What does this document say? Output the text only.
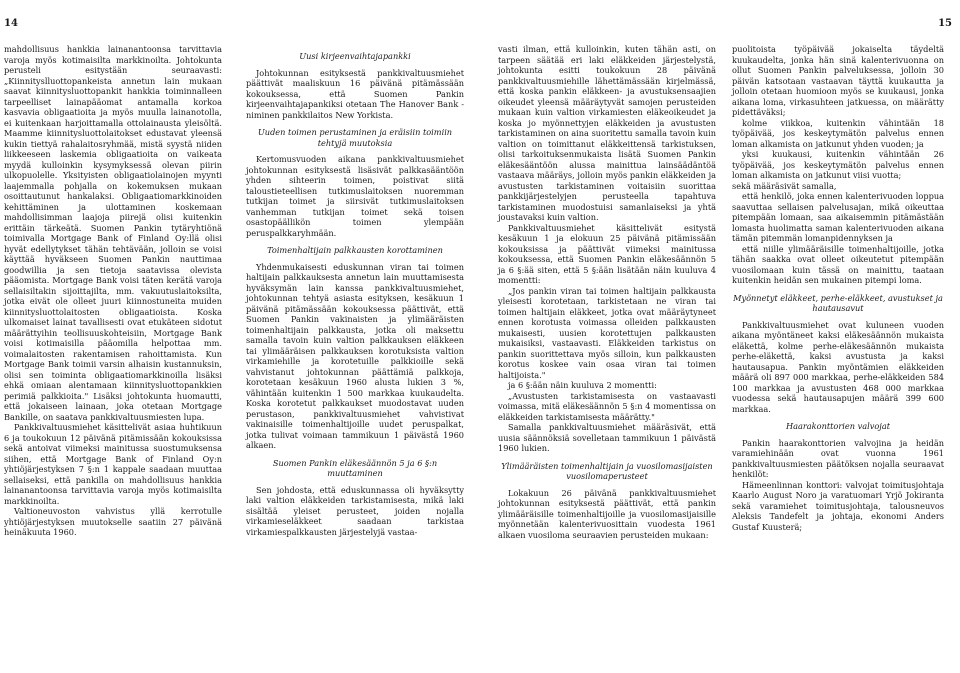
14

mahdollisuus hankkia lainanantoonsa tarvittavia varoja myös kotimaisilta markkinoilta. Johtokunta perusteli esitystään seuraavasti: „Kiinnityslluottopankeista annetun lain mukaan saavat kiinnitysluottopankit hankkia toiminnalleen tarpeelliset lainapääomat antamalla korkoa kasvavia obligaatioita ja myös muulla lainanotolla, ei kuitenkaan harjoittamalla ottolainausta yleisöltä. Maamme kiinnitysluottolaitokset edustavat yleensä kukin tiettyä rahalaitosryhmää, mistä syystä niiden liikkeeseen laskemia obligaatioita on vaikeata myydä kulloinkin kysymyksessä olevan piirin ulkopuolelle. Yksityisten obligaatiolainojen myynti laajemmalla pohjalla on kokemuksen mukaan osoittautunut hankalaksi. Obligaatiomarkkinoiden kehittäminen ja ulottaminen koskemaan mahdollisimman laajoja piirejä olisi kuitenkin erittäin tärkeätä. Suomen Pankin tytäryhtiönä toimivalla Mortgage Bank of Finland Oy:llä olisi hyvät edellytykset tähän tehtävään, jolloin se voisi käyttää hyväkseen Suomen Pankin nauttimaa goodwillia ja sen tietoja saatavissa olevista pääomista. Mortgage Bank voisi täten kerätä varoja sellaisiltakin sijoittajilta, mm. vakuutuslaitoksilta, jotka eivät ole olleet juuri kiinnostuneita muiden kiinnitysluottolaitosten obligaatioista. Koska ulkomaiset lainat tavallisesti ovat etukäteen sidotut määrättyihin teollisuuskohteisiin, Mortgage Bank voisi kotimaisilla pääomilla helpottaa mm. voimalaitosten rakentamisen rahoittamista. Kun Mortgage Bank toimii varsin alhaisin kustannuksin, olisi sen toiminta obligaatiomarkkinoilla lisäksi ehkä omiaan alentamaan kiinnitysluottopankkien perimiä palkkioita." Lisäksi johtokunta huomautti, että jokaiseen lainaan, joka otetaan Mortgage Bankille, on saatava pankkivaltuusmiesten lupa.

Pankkivaltuusmiehet käsittelivät asiaa huhtikuun 6 ja toukokuun 12 päivänä pitämissään kokouksissa sekä antoivat viimeksi mainitussa suostumuksensa siihen, että Mortgage Bank of Finland Oy:n yhtiöjärjestyksen 7 §:n 1 kappale saadaan muuttaa sellaiseksi, että pankilla on mahdollisuus hankkia lainanantoonsa tarvittavia varoja myös kotimaisilta markkinoilta.

Valtioneuvoston vahvistus yllä kerrotulle yhtiöjärjestyksen muutokselle saatiin 27 päivänä heinäkuuta 1960.

Uusi kirjeenvaihtajapankki

Johtokunnan esityksestä pankkivaltuusmiehet päättivät maaliskuun 16 päivänä pitämässään kokouksessa, että Suomen Pankin kirjeenvaihtajapankiksi otetaan The Hanover Bank -niminen pankkilaitos New Yorkista.

Uuden toimen perustaminen ja eräisiin toimiin tehtyjä muutoksia

Kertomusvuoden aikana pankkivaltuusmiehet johtokunnan esityksestä lisäsivät palkkasääntöön yhden sihteerin toimen, poistivat siitä taloustieteellisen tutkimuslaitoksen nuoremman tutkijan toimet ja siirsivät tutkimuslaitoksen vanhemman tutkijan toimet sekä toisen osastopäällikön toimen ylempään peruspalkkaryhmään.

Toimenhaltijain palkkausten korottaminen

Yhdenmukaisesti eduskunnan viran tai toimen haltijain palkkauksesta annetun lain muuttamisesta hyväksymän lain kanssa pankkivaltuusmiehet, johtokunnan tehtyä asiasta esityksen, kesäkuun 1 päivänä pitämässään kokouksessa päättivät, että Suomen Pankin vakinaisten ja ylimääräisten toimenhaltijain palkkausta, jotka oli maksettu samalla tavoin kuin valtion palkkauksen eläkkeen tai ylimääräisen palkkauksen korotuksista valtion virkamiehille ja korotetuille palkkioille sekä vahvistanut johtokunnan päättämiä palkkoja, korotetaan kesäkuun 1960 alusta lukien 3 %, vähintään kuitenkin 1 500 markkaa kuukaudelta. Koska korotetut palkkaukset muodostavat uuden perustason, pankkivaltuusmiehet vahvistivat vakinaisille toimenhaltijoille uudet peruspalkat, jotka tulivat voimaan tammikuun 1 päivästä 1960 alkaen.

Suomen Pankin eläkesäännön 5 ja 6 §:n muuttaminen

Sen johdosta, että eduskunnassa oli hyväksytty laki valtion eläkkeiden tarkistamisesta, mikä laki sisältää yleiset perusteet, joiden nojalla virkamieseläkkeet saadaan tarkistaa virkamiespalkkausten järjestelyjä vastaa-

15

vasti ilman, että kulloinkin, kuten tähän asti, on tarpeen säätää eri laki eläkkeiden järjestelystä, johtokunta esitti toukokuun 28 päivänä pankkivaltuusmiehille lähettämässään kirjelmässä, että koska pankin eläkkeen- ja avustuksensaajien oikeudet yleensä määräytyvät samojen perusteiden mukaan kuin valtion virkamiesten eläkeoikeudet ja koska jo myönnettyjen eläkkeiden ja avustusten tarkistaminen on aina suoritettu samalla tavoin kuin valtion on toimittanut eläkkeittensä tarkistuksen, olisi tarkoituksenmukaista lisätä Suomen Pankin eläkesääntöön alussa mainittua lainsäädäntöä vastaava määräys, jolloin myös pankin eläkkeiden ja avustusten tarkistaminen voitaisiin suorittaa pankkijärjestelyjen perusteella tapahtuva tarkistaminen muodostuisi samanlaiseksi ja yhtä joustavaksi kuin valtion.

Pankkivaltuusmiehet käsittelivät esitystä kesäkuun 1 ja elokuun 25 päivänä pitämissään kokouksissa ja päättivät viimeksi mainitussa kokouksessa, että Suomen Pankin eläkesäännön 5 ja 6 §:ää siten, että 5 §:ään lisätään näin kuuluva 4 momentti:

„Jos pankin viran tai toimen haltijain palkkausta yleisesti korotetaan, tarkistetaan ne viran tai toimen haltijain eläkkeet, jotka ovat määräytyneet ennen korotusta voimassa olleiden palkkausten mukaisesti, uusien korotettujen palkkausten mukaisiksi, vastaavasti. Eläkkeiden tarkistus on pankin suorittettava myös silloin, kun palkkausten korotus koskee vain osaa viran tai toimen haltijoista."

ja 6 §:ään näin kuuluva 2 momentti:

„Avustusten tarkistamisesta on vastaavasti voimassa, mitä eläkesäännön 5 §:n 4 momentissa on eläkkeiden tarkistamisesta määrätty."

Samalla pankkivaltuusmiehet määräsivät, että uusia säännöksiä sovelletaan tammikuun 1 päivästä 1960 lukien.

Ylimääräisten toimenhaltijain ja vuosilomasijaisten vuosilomaperusteet

Lokakuun 26 päivänä pankkivaltuusmiehet johtokunnan esityksestä päättivät, että pankin ylimääräisille toimenhaltijoille ja vuosilomasijaisille myönnetään kalenterivuosittain vuodesta 1961 alkaen vuosiloma seuraavien perusteiden mukaan:

puolitoista työpäivää jokaiselta täydeltä kuukaudelta, jonka hän sinä kalenterivuonna on ollut Suomen Pankin palveluksessa, jolloin 30 päivän katsotaan vastaavan täyttä kuukautta ja jolloin otetaan huomioon myös se kuukausi, jonka aikana loma, virkasuhteen jatkuessa, on määrätty pidettäväksi;

kolme viikkoa, kuitenkin vähintään 18 työpäivää, jos keskeytymätön palvelus ennen loman alkamista on jatkunut yhden vuoden; ja

yksi kuukausi, kuitenkin vähintään 26 työpäivää, jos keskeytymätön palvelus ennen loman alkamista on jatkunut viisi vuotta;

sekä määräsivät samalla,

että henkilö, joka ennen kalenterivuoden loppua saavuttaa sellaisen palvelusajan, mikä oikeuttaa pitempään lomaan, saa aikaisemmin pitämästään lomasta huolimatta saman kalenterivuoden aikana tämän pitemmän lomanpidennyksen ja

että niille ylimääräisille toimenhaltijoille, jotka tähän saakka ovat olleet oikeutetut pitempään vuosilomaan kuin tässä on mainittu, taataan kuitenkin heidän sen mukainen pitempi loma.

Myönnetyt eläkkeet, perhe-eläkkeet, avustukset ja hautausavut

Pankkivaltuusmiehet ovat kuluneen vuoden aikana myöntäneet kaksi eläkesäännön mukaista eläkettä, kolme perhe-eläkesäännön mukaista perhe-eläkettä, kaksi avustusta ja kaksi hautausapua. Pankin myöntämien eläkkeiden määrä oli 897 000 markkaa, perhe-eläkkeiden 584 100 markkaa ja avustusten 468 000 markkaa vuodessa sekä hautausapujen määrä 399 600 markkaa.

Haarakonttorien valvojat

Pankin haarakonttorien valvojina ja heidän varamiehinään ovat vuonna 1961 pankkivaltuusmiesten päätöksen nojalla seuraavat henkilöt:

Hämeenlinnan konttori: valvojat toimitusjohtaja Kaarlo August Noro ja varatuomari Yrjö Jokiranta sekä varamiehet toimitusjohtaja, talousneuvos Aleksis Tandefelt ja johtaja, ekonomi Anders Gustaf Kuusterä;
